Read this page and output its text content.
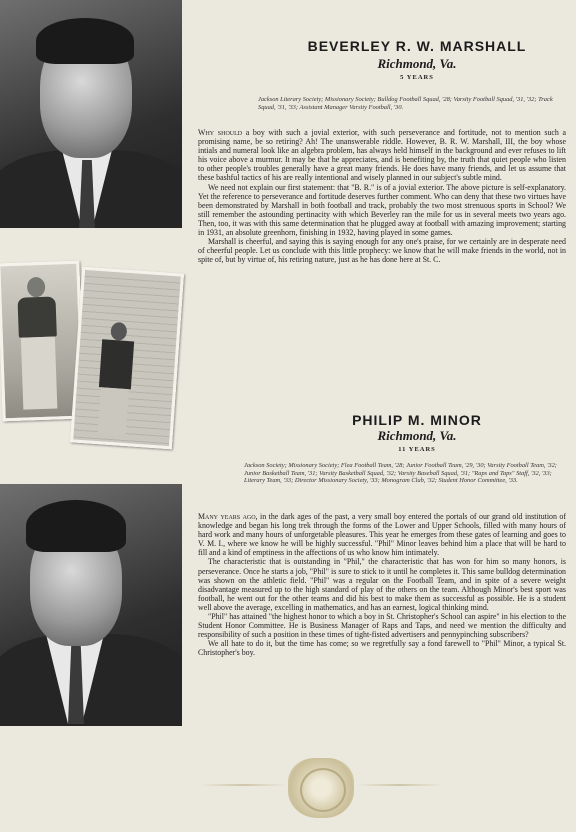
BEVERLEY R. W. MARSHALL
Richmond, Va.
5 YEARS
Jackson Literary Society; Missionary Society; Bulldog Football Squad, '28; Varsity Football Squad, '31, '32; Track Squad, '31, '33; Assistant Manager Varsity Football, '30.

Why should a boy with such a jovial exterior, with such perseverance and fortitude, not to mention such a promising name, be so retiring? Ah! The unanswerable riddle. However, B. R. W. Marshall, III, the boy whose intials and numeral look like an algebra problem, has always held himself in the background and ever refuses to lift his voice above a murmur. It may be that he appreciates, and is benefiting by, the truth that quiet people who listen to other people's troubles generally have a great many friends. He does have many friends, and let us assume that these bashful tactics of his are really intentional and wisely planned in our subject's subtle mind.

We need not explain our first statement: that "B. R." is of a jovial exterior. The above picture is self-explanatory. Yet the reference to perseverance and fortitude deserves further comment. Who can deny that these two virtues have been demonstrated by Marshall in both football and track, probably the two most strenuous sports in School? We still remember the astounding pertinacity with which Beverley ran the mile for us in several meets two years ago. Then, too, it was with this same determination that he plugged away at football with amazing improvement; starting in 1931, an absolute greenhorn, finishing in 1932, having played in some games.

Marshall is cheerful, and saying this is saying enough for any one's praise, for we certainly are in desperate need of cheerful people. Let us conclude with this little prophecy: we know that he will make friends in the world, not in spite of, but by virtue of, his retiring nature, just as he has done here at St. C.

PHILIP M. MINOR
Richmond, Va.
11 YEARS
Jackson Society; Missionary Society; Flea Football Team, '28; Junior Football Team, '29, '30; Varsity Football Team, '32; Junior Basketball Team, '31; Varsity Basketball Squad, '32; Varsity Baseball Squad, '31; "Raps and Taps" Staff, '32, '33; Literary Team, '33; Director Missionary Society, '33; Monogram Club, '32; Student Honor Committee, '33.

Many years ago, in the dark ages of the past, a very small boy entered the portals of our grand old institution of knowledge and began his long trek through the forms of the Lower and Upper Schools, filled with many hours of hard work and many hours of unforgetable pleasures. This year he emerges from these gates of learning and goes to V. M. I., where we know he will be highly successful. "Phil" Minor leaves behind him a place that will be hard to fill and a kind of emptiness in the affections of us who know him intimately.

The characteristic that is outstanding in "Phil," the characteristic that has won for him so many honors, is perseverance. Once he starts a job, "Phil" is sure to stick to it until he completes it. This same bulldog determination was shown on the athletic field. "Phil" was a regular on the Football Team, and in spite of a severe weight disadvantage measured up to the high standard of play of the others on the team. Although Minor's best sport was football, he went out for the other teams and did his best to make them as successful as possible. He is a student well above the average, excelling in mathematics, and has an earnest, logical thinking mind.

"Phil" has attained "the highest honor to which a boy in St. Christopher's School can aspire" in his election to the Student Honor Committee. He is Business Manager of Raps and Taps, and need we mention the difficulty and responsibility of such a position in these times of tight-fisted advertisers and pennypinching subscribers?

We all hate to do it, but the time has come; so we regretfully say a fond farewell to "Phil" Minor, a typical St. Christopher's boy.
